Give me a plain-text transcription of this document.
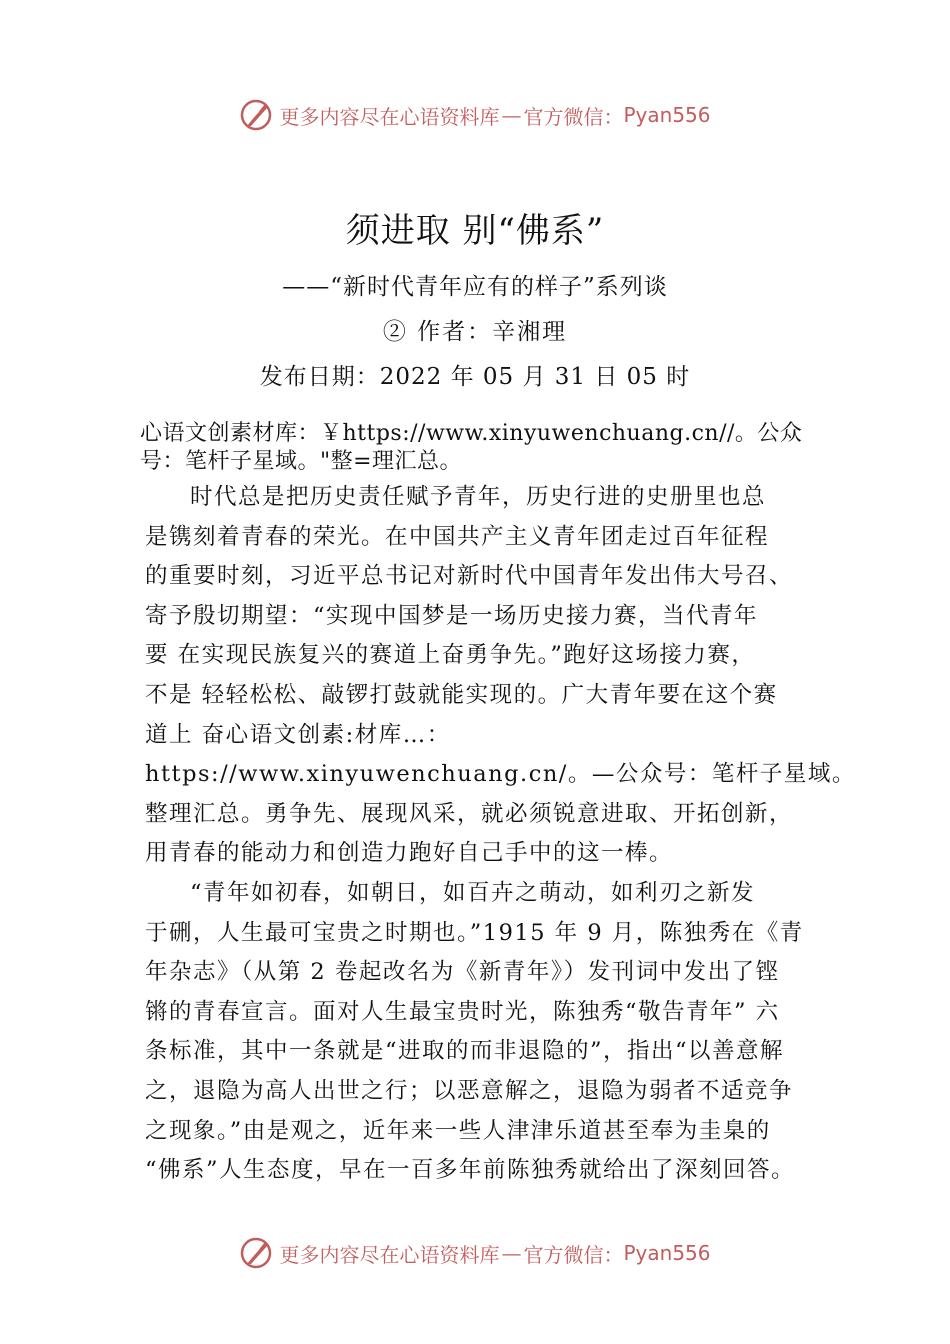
更多内容尽在心语资料库 — 官方微信： Pyan556
须进取 别“佛系”
——“新时代青年应有的样子”系列谈
② 作者：辛湘理
发布日期：2022 年 05 月 31 日 05 时
心语文创素材库：￥https://www.xinyuwenchuang.cn//。公众号：笔杆子星域。"整=理汇总。
时代总是把历史责任赋予青年，历史行进的史册里也总
是镌刻着青春的荣光。在中国共产主义青年团走过百年征程
的重要时刻，习近平总书记对新时代中国青年发出伟大号召、
寄予殷切期望：“实现中国梦是一场历史接力赛，当代青年
要 在实现民族复兴的赛道上奋勇争先。”跑好这场接力赛，
不是 轻轻松松、敲锣打鼓就能实现的。广大青年要在这个赛
道上 奋心语文创素:材库…：
https://www.xinyuwenchuang.cn/。—公众号：笔杆子星域。
整理汇总。勇争先、展现风采，就必须锐意进取、开拓创新，
用青春的能动力和创造力跑好自己手中的这一棒。
“青年如初春，如朝日，如百卉之萌动，如利刃之新发
于硎，人生最可宝贵之时期也。”1915 年 9 月，陈独秀在《青
年杂志》（从第 2 卷起改名为《新青年》）发刊词中发出了铿
锵的青春宣言。面对人生最宝贵时光，陈独秀“敬告青年” 六
条标准，其中一条就是“进取的而非退隐的”，指出“以善意解
之，退隐为高人出世之行；以恶意解之，退隐为弱者不适竞争
之现象。”由是观之，近年来一些人津津乐道甚至奉为圭臬的
“佛系”人生态度，早在一百多年前陈独秀就给出了深刻回答。
更多内容尽在心语资料库 — 官方微信： Pyan556
